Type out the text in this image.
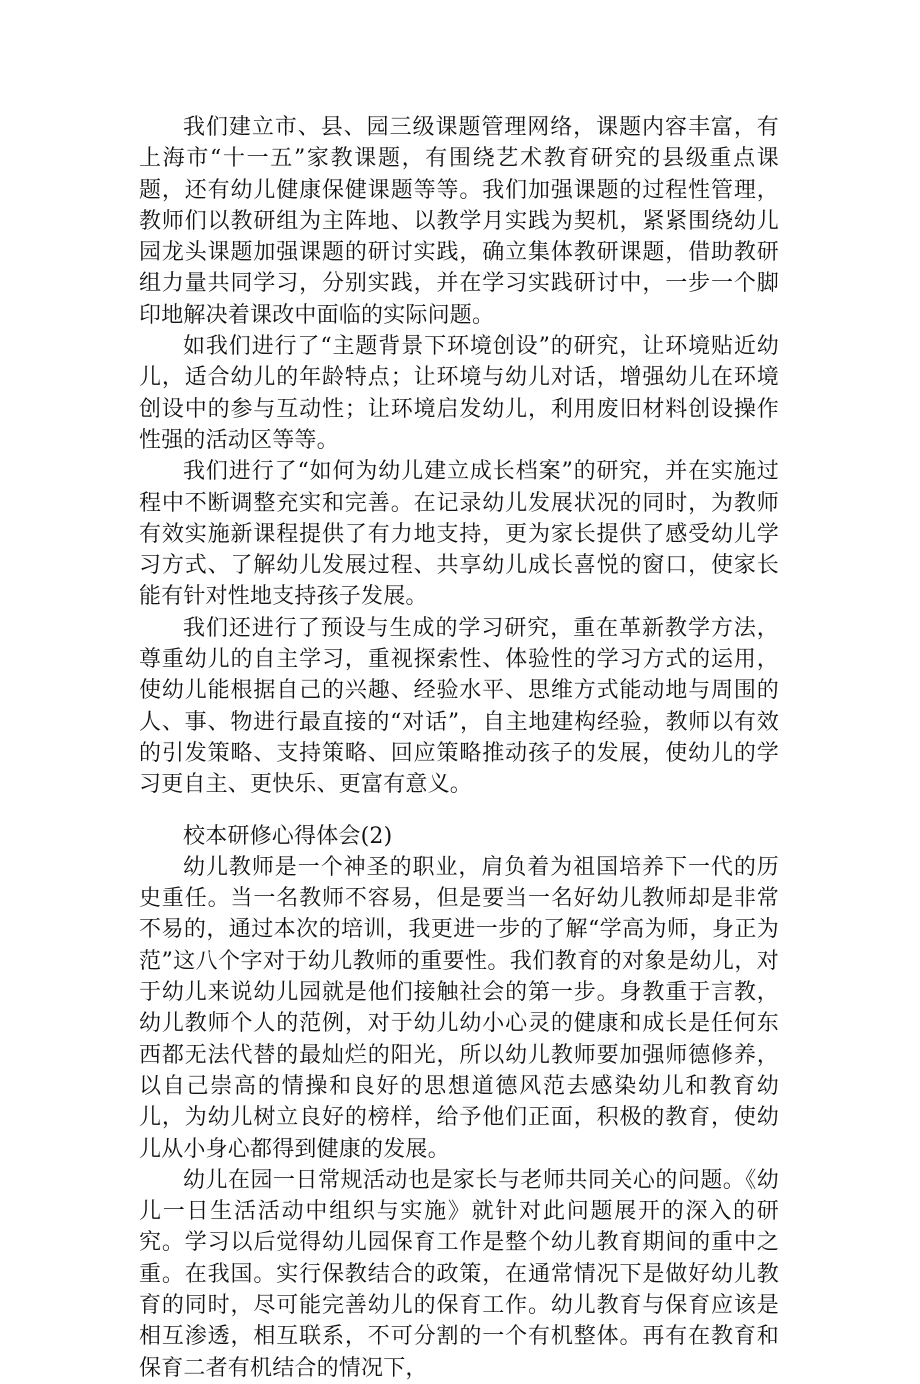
我们建立市、县、园三级课题管理网络，课题内容丰富，有上海市“十一五”家教课题，有围绕艺术教育研究的县级重点课题，还有幼儿健康保健课题等等。我们加强课题的过程性管理，教师们以教研组为主阵地、以教学月实践为契机，紧紧围绕幼儿园龙头课题加强课题的研讨实践，确立集体教研课题，借助教研组力量共同学习，分别实践，并在学习实践研讨中，一步一个脚印地解决着课改中面临的实际问题。

如我们进行了“主题背景下环境创设”的研究，让环境贴近幼儿，适合幼儿的年龄特点；让环境与幼儿对话，增强幼儿在环境创设中的参与互动性；让环境启发幼儿，利用废旧材料创设操作性强的活动区等等。

我们进行了“如何为幼儿建立成长档案”的研究，并在实施过程中不断调整充实和完善。在记录幼儿发展状况的同时，为教师有效实施新课程提供了有力地支持，更为家长提供了感受幼儿学习方式、了解幼儿发展过程、共享幼儿成长喜悦的窗口，使家长能有针对性地支持孩子发展。

我们还进行了预设与生成的学习研究，重在革新教学方法，尊重幼儿的自主学习，重视探索性、体验性的学习方式的运用，使幼儿能根据自己的兴趣、经验水平、思维方式能动地与周围的人、事、物进行最直接的“对话”，自主地建构经验，教师以有效的引发策略、支持策略、回应策略推动孩子的发展，使幼儿的学习更自主、更快乐、更富有意义。

校本研修心得体会(2)

幼儿教师是一个神圣的职业，肩负着为祖国培养下一代的历史重任。当一名教师不容易，但是要当一名好幼儿教师却是非常不易的，通过本次的培训，我更进一步的了解“学高为师，身正为范”这八个字对于幼儿教师的重要性。我们教育的对象是幼儿，对于幼儿来说幼儿园就是他们接触社会的第一步。身教重于言教，幼儿教师个人的范例，对于幼儿幼小心灵的健康和成长是任何东西都无法代替的最灿烂的阳光，所以幼儿教师要加强师德修养，以自己崇高的情操和良好的思想道德风范去感染幼儿和教育幼儿，为幼儿树立良好的榜样，给予他们正面，积极的教育，使幼儿从小身心都得到健康的发展。

幼儿在园一日常规活动也是家长与老师共同关心的问题。《幼儿一日生活活动中组织与实施》就针对此问题展开的深入的研究。学习以后觉得幼儿园保育工作是整个幼儿教育期间的重中之重。在我国。实行保教结合的政策，在通常情况下是做好幼儿教育的同时，尽可能完善幼儿的保育工作。幼儿教育与保育应该是相互渗透，相互联系，不可分割的一个有机整体。再有在教育和保育二者有机结合的情况下，
